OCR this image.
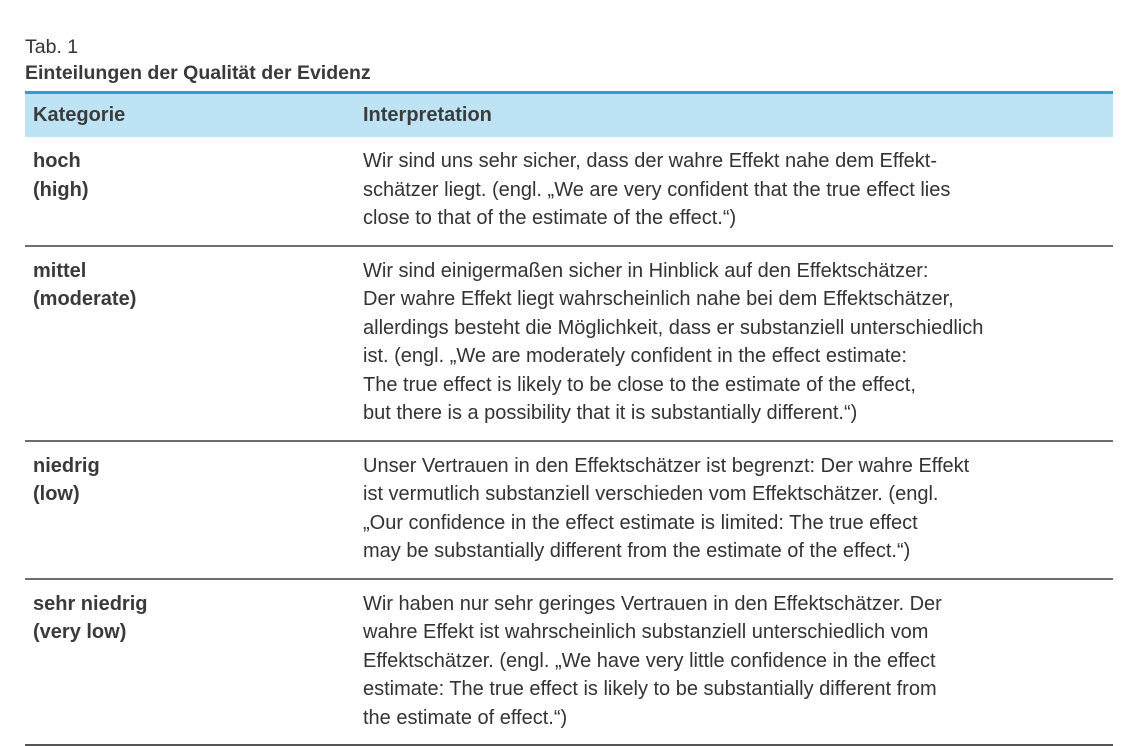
Tab. 1
Einteilungen der Qualität der Evidenz
Kategorie	Interpretation
hoch
(high)
Wir sind uns sehr sicher, dass der wahre Effekt nahe dem Effekt-
schätzer liegt. (engl. „We are very confident that the true effect lies
close to that of the estimate of the effect.“)
mittel
(moderate)
Wir sind einigermaßen sicher in Hinblick auf den Effektschätzer:
Der wahre Effekt liegt wahrscheinlich nahe bei dem Effektschätzer,
allerdings besteht die Möglichkeit, dass er substanziell unterschiedlich
ist. (engl. „We are moderately confident in the effect estimate:
The true effect is likely to be close to the estimate of the effect,
but there is a possibility that it is substantially different.“)
niedrig
(low)
Unser Vertrauen in den Effektschätzer ist begrenzt: Der wahre Effekt
ist vermutlich substanziell verschieden vom Effektschätzer. (engl.
„Our confidence in the effect estimate is limited: The true effect
may be substantially different from the estimate of the effect.“)
sehr niedrig
(very low)
Wir haben nur sehr geringes Vertrauen in den Effektschätzer. Der
wahre Effekt ist wahrscheinlich substanziell unterschiedlich vom
Effektschätzer. (engl. „We have very little confidence in the effect
estimate: The true effect is likely to be substantially different from
the estimate of effect.“)
